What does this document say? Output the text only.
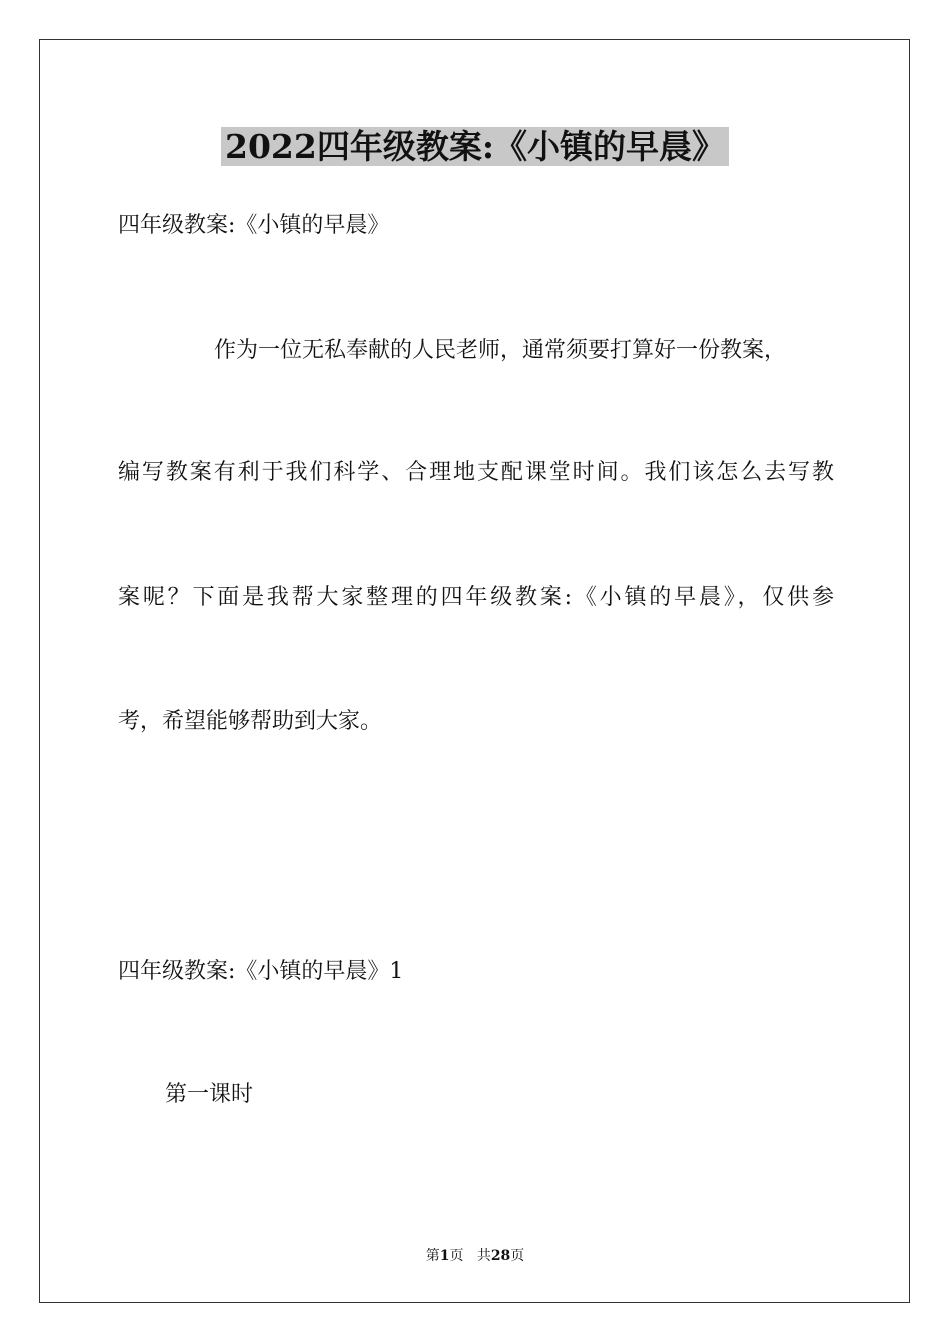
2022四年级教案:《小镇的早晨》
四年级教案:《小镇的早晨》
作为一位无私奉献的人民老师，通常须要打算好一份教案，
编写教案有利于我们科学、合理地支配课堂时间。我们该怎么去写教
案呢？下面是我帮大家整理的四年级教案:《小镇的早晨》，仅供参
考，希望能够帮助到大家。
四年级教案:《小镇的早晨》1
第一课时
第1页 共28页
